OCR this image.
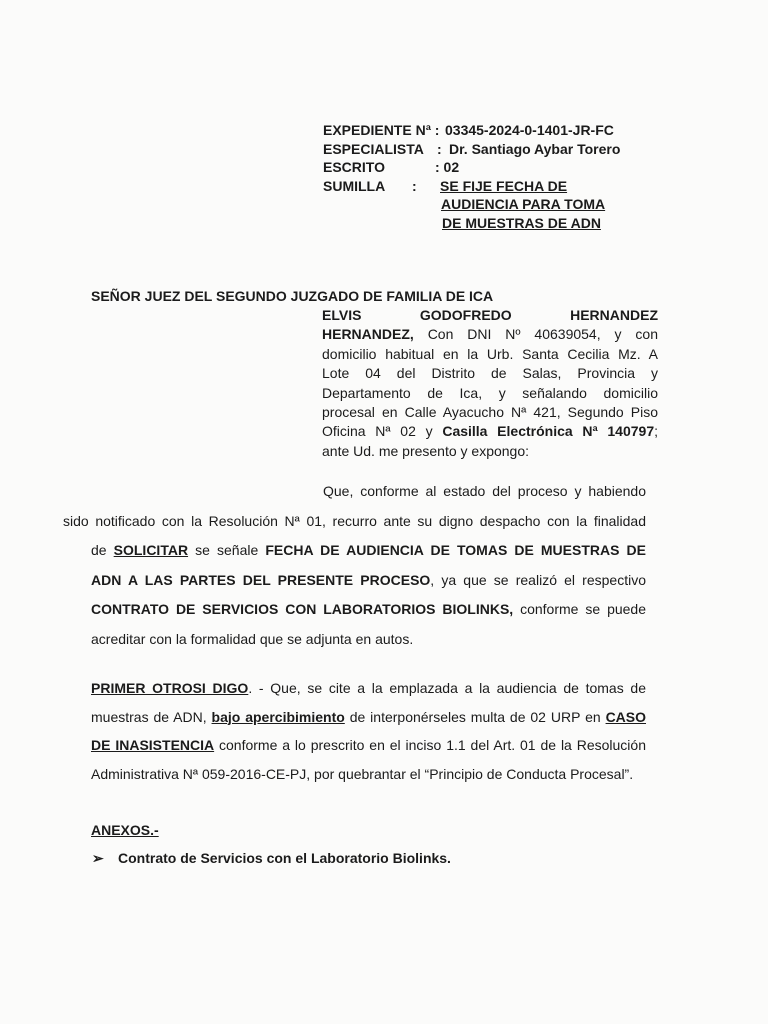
EXPEDIENTE Nª : 03345-2024-0-1401-JR-FC
ESPECIALISTA : Dr. Santiago Aybar Torero
ESCRITO	: 02
SUMILLA : SE FIJE FECHA DE
AUDIENCIA PARA TOMA
DE MUESTRAS DE ADN
SEÑOR JUEZ DEL SEGUNDO JUZGADO DE FAMILIA DE ICA
ELVIS	GODOFREDO	HERNANDEZ
HERNANDEZ, Con DNI Nº 40639054, y con
domicilio habitual en la Urb. Santa Cecilia Mz. A
Lote 04 del Distrito de Salas, Provincia y
Departamento de Ica, y señalando domicilio
procesal en Calle Ayacucho Nª 421, Segundo Piso
Oficina Nª 02 y Casilla Electrónica Nª 140797;
ante Ud. me presento y expongo:
Que, conforme al estado del proceso y habiendo
sido notificado con la Resolución Nª 01, recurro ante su digno despacho con la finalidad
de SOLICITAR se señale FECHA DE AUDIENCIA DE TOMAS DE MUESTRAS DE
ADN A LAS PARTES DEL PRESENTE PROCESO, ya que se realizó el respectivo
CONTRATO DE SERVICIOS CON LABORATORIOS BIOLINKS, conforme se puede
acreditar con la formalidad que se adjunta en autos.
PRIMER OTROSI DIGO. - Que, se cite a la emplazada a la audiencia de tomas de
muestras de ADN, bajo apercibimiento de interponérseles multa de 02 URP en CASO
DE INASISTENCIA conforme a lo prescrito en el inciso 1.1 del Art. 01 de la Resolución
Administrativa Nª 059-2016-CE-PJ, por quebrantar el “Principio de Conducta Procesal”.
ANEXOS.-
➢ Contrato de Servicios con el Laboratorio Biolinks.
